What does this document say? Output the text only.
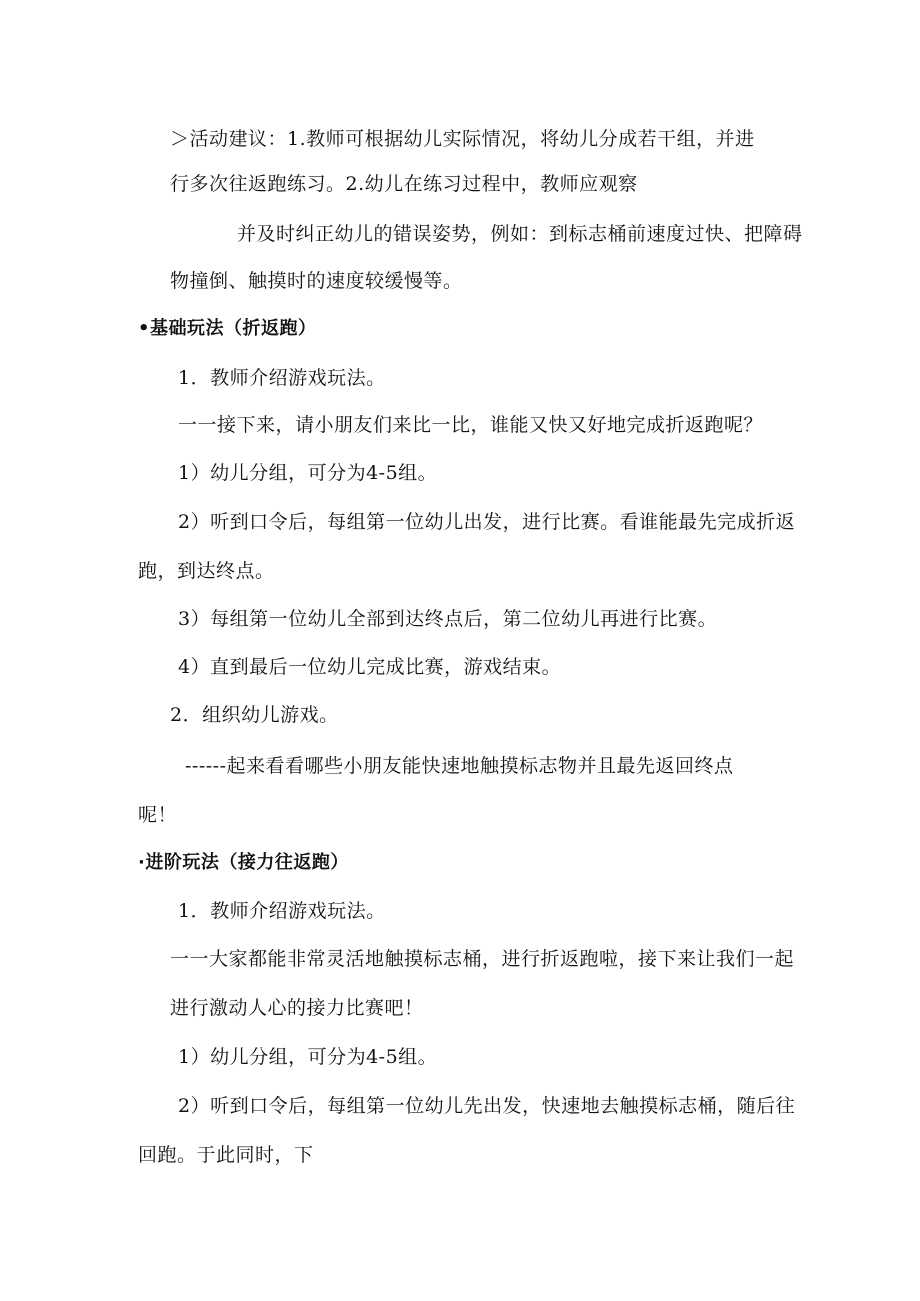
＞活动建议：1.教师可根据幼儿实际情况，将幼儿分成若干组，并进
行多次往返跑练习。2.幼儿在练习过程中，教师应观察
并及时纠正幼儿的错误姿势，例如：到标志桶前速度过快、把障碍
物撞倒、触摸时的速度较缓慢等。
•基础玩法（折返跑）
1．教师介绍游戏玩法。
一一接下来，请小朋友们来比一比，谁能又快又好地完成折返跑呢？
1）幼儿分组，可分为4-5组。
2）听到口令后，每组第一位幼儿出发，进行比赛。看谁能最先完成折返
跑，到达终点。
3）每组第一位幼儿全部到达终点后，第二位幼儿再进行比赛。
4）直到最后一位幼儿完成比赛，游戏结束。
2．组织幼儿游戏。
------起来看看哪些小朋友能快速地触摸标志物并且最先返回终点
呢！
·进阶玩法（接力往返跑）
1．教师介绍游戏玩法。
一一大家都能非常灵活地触摸标志桶，进行折返跑啦，接下来让我们一起
进行激动人心的接力比赛吧！
1）幼儿分组，可分为4-5组。
2）听到口令后，每组第一位幼儿先出发，快速地去触摸标志桶，随后往
回跑。于此同时，下
